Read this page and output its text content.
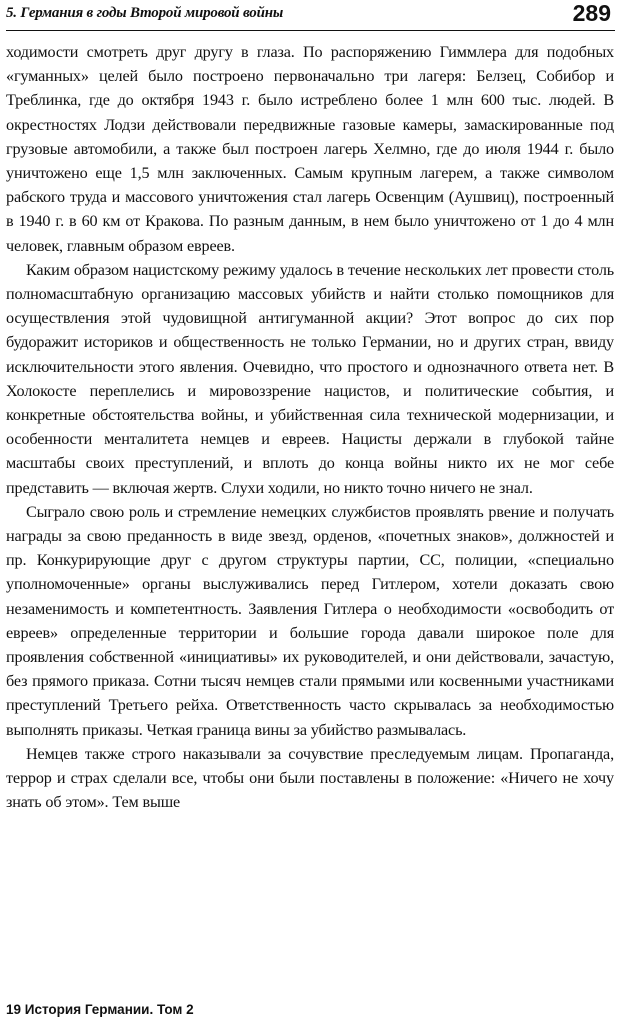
5. Германия в годы Второй мировой войны	289

ходимости смотреть друг другу в глаза. По распоряжению Гиммлера для подобных «гуманных» целей было построено первоначально три лагеря: Белзец, Собибор и Треблинка, где до октября 1943 г. было истреблено более 1 млн 600 тыс. людей. В окрестностях Лодзи действовали передвижные газовые камеры, замаскированные под грузовые автомобили, а также был построен лагерь Хелмно, где до июля 1944 г. было уничтожено еще 1,5 млн заключенных. Самым крупным лагерем, а также символом рабского труда и массового уничтожения стал лагерь Освенцим (Аушвиц), построенный в 1940 г. в 60 км от Кракова. По разным данным, в нем было уничтожено от 1 до 4 млн человек, главным образом евреев.

Каким образом нацистскому режиму удалось в течение нескольких лет провести столь полномасштабную организацию массовых убийств и найти столько помощников для осуществления этой чудовищной антигуманной акции? Этот вопрос до сих пор будоражит историков и общественность не только Германии, но и других стран, ввиду исключительности этого явления. Очевидно, что простого и однозначного ответа нет. В Холокосте переплелись и мировоззрение нацистов, и политические события, и конкретные обстоятельства войны, и убийственная сила технической модернизации, и особенности менталитета немцев и евреев. Нацисты держали в глубокой тайне масштабы своих преступлений, и вплоть до конца войны никто их не мог себе представить — включая жертв. Слухи ходили, но никто точно ничего не знал.

Сыграло свою роль и стремление немецких службистов проявлять рвение и получать награды за свою преданность в виде звезд, орденов, «почетных знаков», должностей и пр. Конкурирующие друг с другом структуры партии, СС, полиции, «специально уполномоченные» органы выслуживались перед Гитлером, хотели доказать свою незаменимость и компетентность. Заявления Гитлера о необходимости «освободить от евреев» определенные территории и большие города давали широкое поле для проявления собственной «инициативы» их руководителей, и они действовали, зачастую, без прямого приказа. Сотни тысяч немцев стали прямыми или косвенными участниками преступлений Третьего рейха. Ответственность часто скрывалась за необходимостью выполнять приказы. Четкая граница вины за убийство размывалась.

Немцев также строго наказывали за сочувствие преследуемым лицам. Пропаганда, террор и страх сделали все, чтобы они были поставлены в положение: «Ничего не хочу знать об этом». Тем выше

19 История Германии. Том 2
